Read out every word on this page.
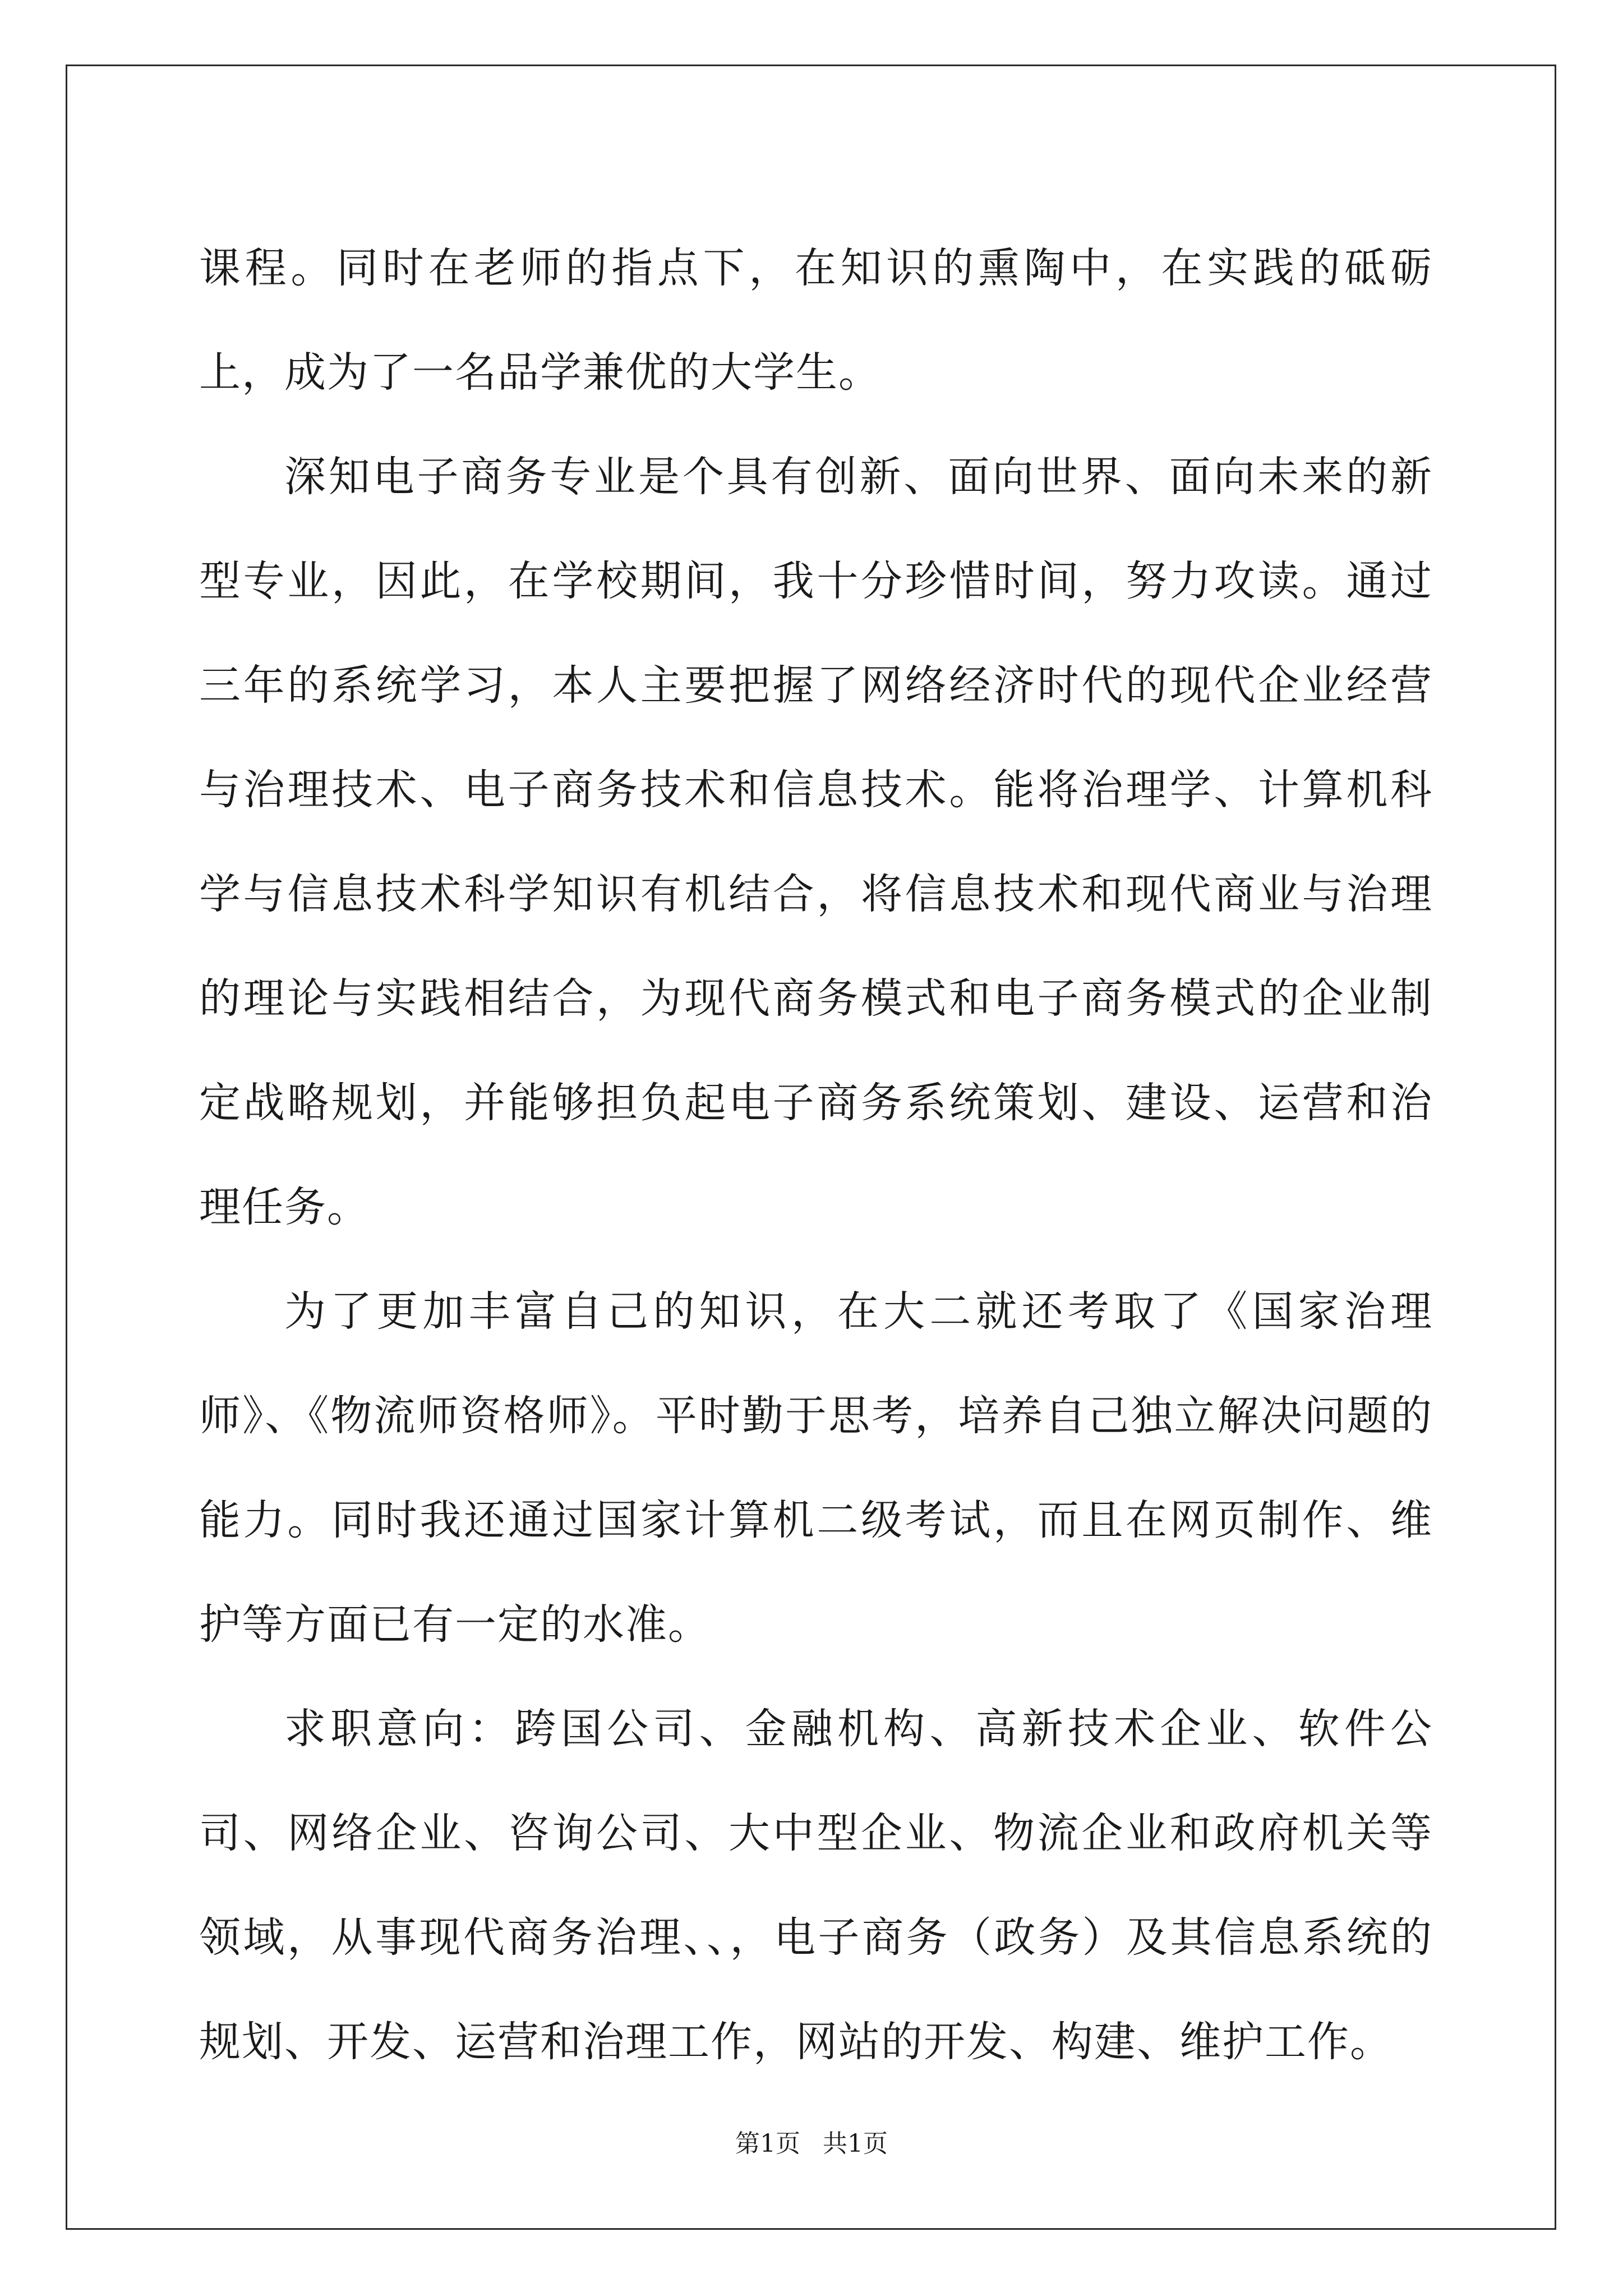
课程。同时在老师的指点下，在知识的熏陶中，在实践的砥砺上，成为了一名品学兼优的大学生。

深知电子商务专业是个具有创新、面向世界、面向未来的新型专业，因此，在学校期间，我十分珍惜时间，努力攻读。通过三年的系统学习，本人主要把握了网络经济时代的现代企业经营与治理技术、电子商务技术和信息技术。能将治理学、计算机科学与信息技术科学知识有机结合，将信息技术和现代商业与治理的理论与实践相结合，为现代商务模式和电子商务模式的企业制定战略规划，并能够担负起电子商务系统策划、建设、运营和治理任务。

为了更加丰富自己的知识，在大二就还考取了《国家治理师》、《物流师资格师》。平时勤于思考，培养自己独立解决问题的能力。同时我还通过国家计算机二级考试，而且在网页制作、维护等方面已有一定的水准。

求职意向：跨国公司、金融机构、高新技术企业、软件公司、网络企业、咨询公司、大中型企业、物流企业和政府机关等领域，从事现代商务治理、、，电子商务（政务）及其信息系统的规划、开发、运营和治理工作，网站的开发、构建、维护工作。

第1页 共1页
